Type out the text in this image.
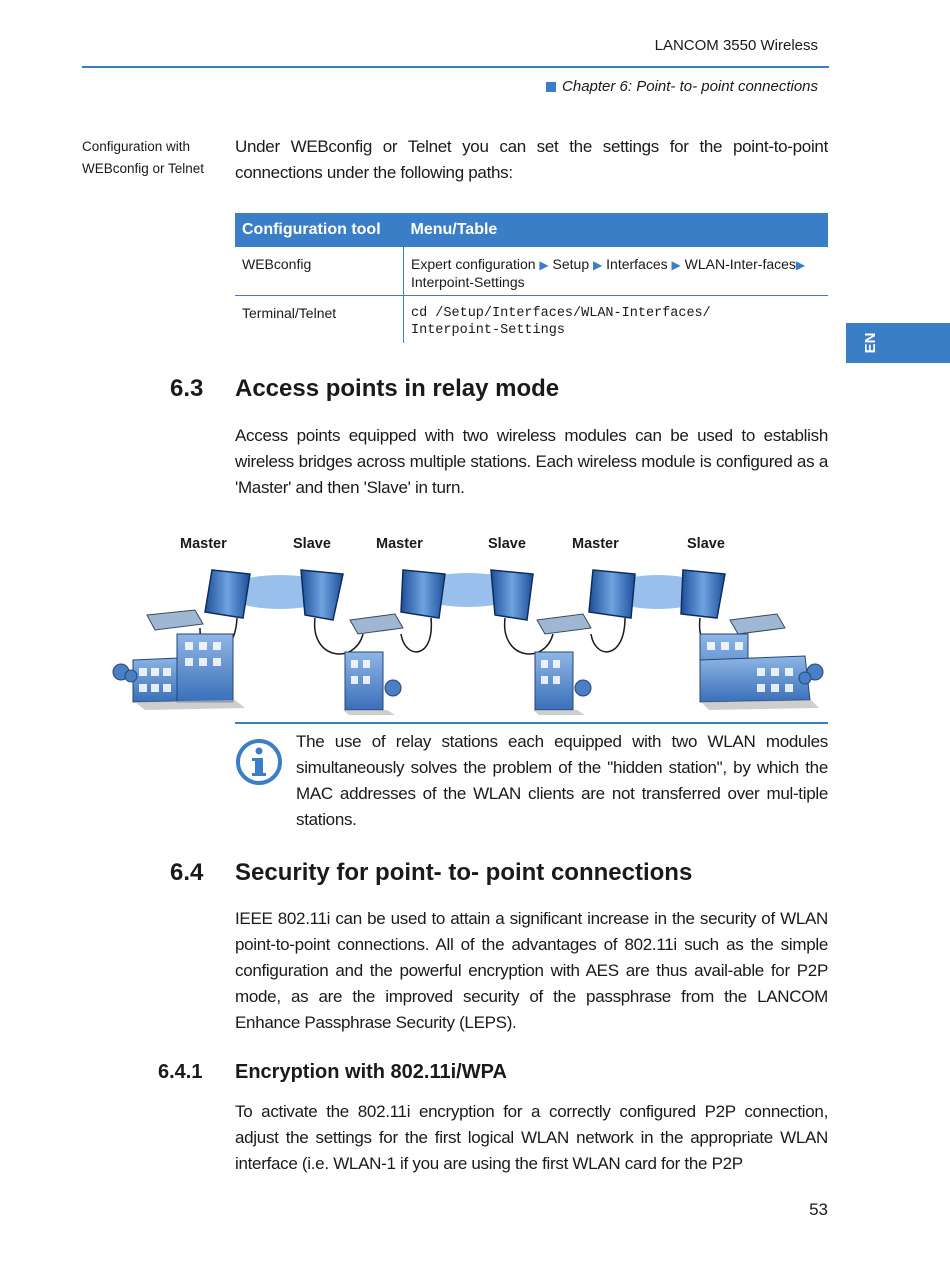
LANCOM 3550 Wireless
Chapter 6: Point- to- point connections
Configuration with WEBconfig or Telnet
Under WEBconfig or Telnet you can set the settings for the point-to-point connections under the following paths:
Configuration tool	Menu/Table
WEBconfig	Expert configuration ▶ Setup ▶ Interfaces ▶ WLAN-Inter-faces▶ Interpoint-Settings
Terminal/Telnet	cd /Setup/Interfaces/WLAN-Interfaces/
Interpoint-Settings
EN
6.3 Access points in relay mode
Access points equipped with two wireless modules can be used to establish wireless bridges across multiple stations. Each wireless module is configured as a 'Master' and then 'Slave' in turn.
Master	Slave	Master	Slave	Master	Slave
The use of relay stations each equipped with two WLAN modules simultaneously solves the problem of the "hidden station", by which the MAC addresses of the WLAN clients are not transferred over mul-tiple stations.
6.4 Security for point- to- point connections
IEEE 802.11i can be used to attain a significant increase in the security of WLAN point-to-point connections. All of the advantages of 802.11i such as the simple configuration and the powerful encryption with AES are thus avail-able for P2P mode, as are the improved security of the passphrase from the LANCOM Enhance Passphrase Security (LEPS).
6.4.1 Encryption with 802.11i/WPA
To activate the 802.11i encryption for a correctly configured P2P connection, adjust the settings for the first logical WLAN network in the appropriate WLAN interface (i.e. WLAN-1 if you are using the first WLAN card for the P2P
53
